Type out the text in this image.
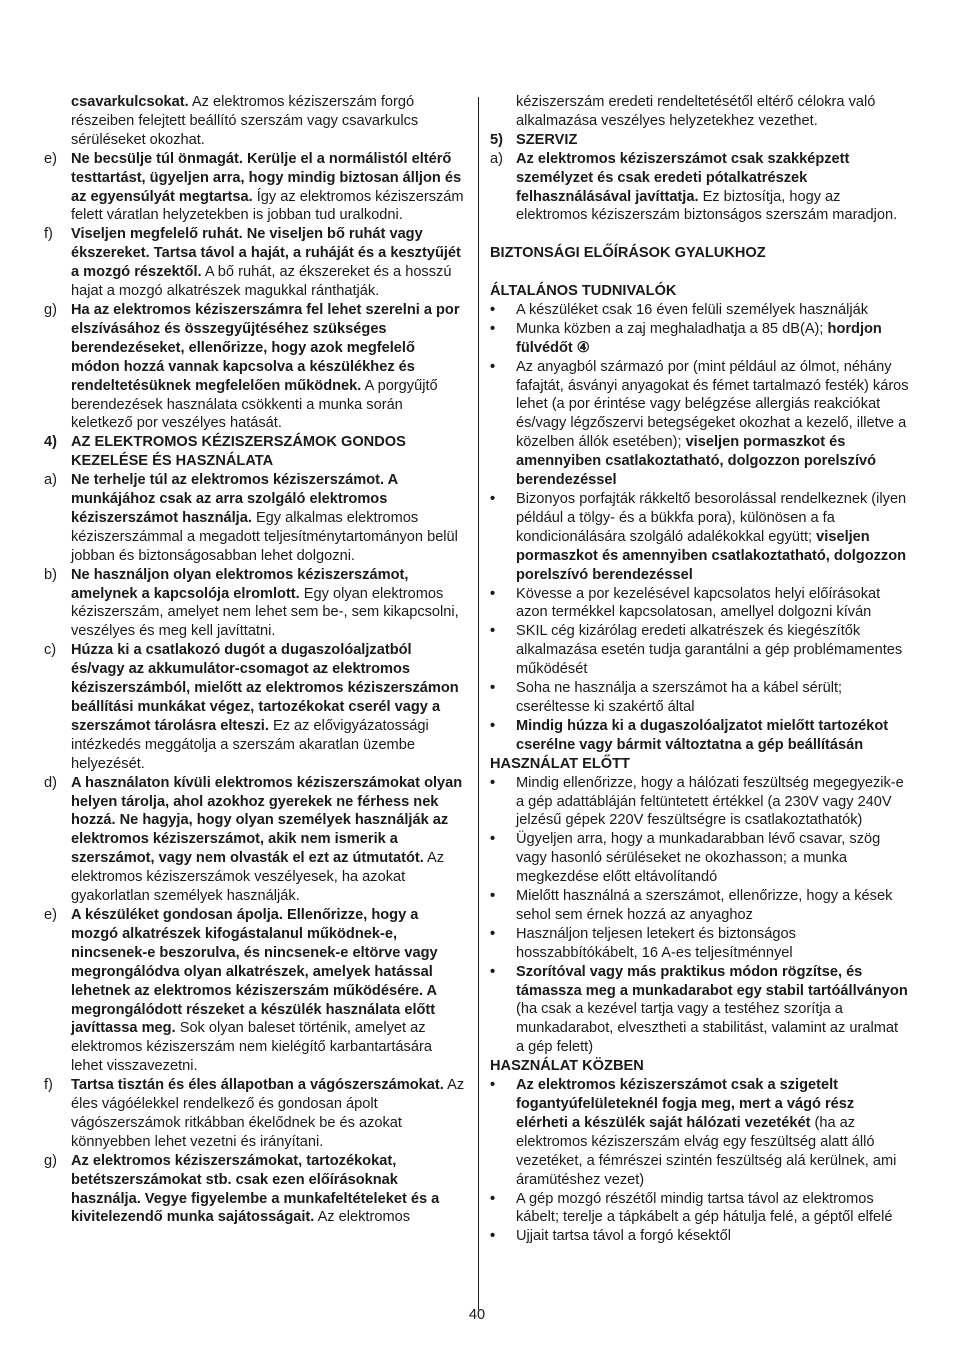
csavarkulcsokat. Az elektromos kéziszerszám forgó részeiben felejtett beállító szerszám vagy csavarkulcs sérüléseket okozhat.
e) Ne becsülje túl önmagát. Kerülje el a normálistól eltérő testtartást, ügyeljen arra, hogy mindig biztosan álljon és az egyensúlyát megtartsa. Így az elektromos kéziszerszám felett váratlan helyzetekben is jobban tud uralkodni.
f)	Viseljen megfelelő ruhát. Ne viseljen bő ruhát vagy ékszereket. Tartsa távol a haját, a ruháját és a kesztyűjét a mozgó részektől. A bő ruhát, az ékszereket és a hosszú hajat a mozgó alkatrészek magukkal ránthatják.
g) Ha az elektromos kéziszerszámra fel lehet szerelni a por elszívásához és összegyűjtéséhez szükséges berendezéseket, ellenőrizze, hogy azok megfelelő módon hozzá vannak kapcsolva a készülékhez és rendeltetésüknek megfelelően működnek. A porgyűjtő berendezések használata csökkenti a munka során keletkező por veszélyes hatását.
4) AZ ELEKTROMOS KÉZISZERSZÁMOK GONDOS KEZELÉSE ÉS HASZNÁLATA
a) Ne terhelje túl az elektromos kéziszerszámot. A munkájához csak az arra szolgáló elektromos kéziszerszámot használja. Egy alkalmas elektromos kéziszerszámmal a megadott teljesítménytartományon belül jobban és biztonságosabban lehet dolgozni.
b) Ne használjon olyan elektromos kéziszerszámot, amelynek a kapcsolója elromlott. Egy olyan elektromos kéziszerszám, amelyet nem lehet sem be-, sem kikapcsolni, veszélyes és meg kell javíttatni.
c)	Húzza ki a csatlakozó dugót a dugaszolóaljzatból és/vagy az akkumulátor-csomagot az elektromos kéziszerszámból, mielőtt az elektromos kéziszerszámon beállítási munkákat végez, tartozékokat cserél vagy a szerszámot tárolásra elteszi. Ez az elővigyázatossági intézkedés meggátolja a szerszám akaratlan üzembe helyezését.
d) A használaton kívüli elektromos kéziszerszámokat olyan helyen tárolja, ahol azokhoz gyerekek ne férhess nek hozzá. Ne hagyja, hogy olyan személyek használják az elektromos kéziszerszámot, akik nem ismerik a szerszámot, vagy nem olvasták el ezt az útmutatót. Az elektromos kéziszerszámok veszélyesek, ha azokat gyakorlatlan személyek használják.
e) A készüléket gondosan ápolja. Ellenőrizze, hogy a mozgó alkatrészek kifogástalanul működnek-e, nincsenek-e beszorulva, és nincsenek-e eltörve vagy megrongálódva olyan alkatrészek, amelyek hatással lehetnek az elektromos kéziszerszám működésére. A megrongálódott részeket a készülék használata előtt javíttassa meg. Sok olyan baleset történik, amelyet az elektromos kéziszerszám nem kielégítő karbantartására lehet visszavezetni.
f)	Tartsa tisztán és éles állapotban a vágószerszámokat. Az éles vágóélekkel rendelkező és gondosan ápolt vágószerszámok ritkábban ékelődnek be és azokat könnyebben lehet vezetni és irányítani.
g) Az elektromos kéziszerszámokat, tartozékokat, betétszerszámokat stb. csak ezen előírásoknak használja. Vegye figyelembe a munkafeltételeket és a kivitelezendő munka sajátosságait. Az elektromos
kéziszerszám eredeti rendeltetésétől eltérő célokra való alkalmazása veszélyes helyzetekhez vezethet.
5) SZERVIZ
a) Az elektromos kéziszerszámot csak szakképzett személyzet és csak eredeti pótalkatrészek felhasználásával javíttatja. Ez biztosítja, hogy az elektromos kéziszerszám biztonságos szerszám maradjon.
BIZTONSÁGI ELŐÍRÁSOK GYALUKHOZ
ÁLTALÁNOS TUDNIVALÓK
•	A készüléket csak 16 éven felüli személyek használják
•	Munka közben a zaj meghaladhatja a 85 dB(A); hordjon fülvédőt ④
•	Az anyagból származó por (mint például az ólmot, néhány fafajtát, ásványi anyagokat és fémet tartalmazó festék) káros lehet (a por érintése vagy belégzése allergiás reakciókat és/vagy légzőszervi betegségeket okozhat a kezelő, illetve a közelben állók esetében); viseljen pormaszkot és amennyiben csatlakoztatható, dolgozzon porelszívó berendezéssel
•	Bizonyos porfajták rákkeltő besorolással rendelkeznek (ilyen például a tölgy- és a bükkfa pora), különösen a fa kondicionálására szolgáló adalékokkal együtt; viseljen pormaszkot és amennyiben csatlakoztatható, dolgozzon porelszívó berendezéssel
•	Kövesse a por kezelésével kapcsolatos helyi előírásokat azon termékkel kapcsolatosan, amellyel dolgozni kíván
•	SKIL cég kizárólag eredeti alkatrészek és kiegészítők alkalmazása esetén tudja garantálni a gép problémamentes működését
•	Soha ne használja a szerszámot ha a kábel sérült; cseréltesse ki szakértő által
•	Mindig húzza ki a dugaszolóaljzatot mielőtt tartozékot cserélne vagy bármit változtatna a gép beállításán
HASZNÁLAT ELŐTT
•	Mindig ellenőrizze, hogy a hálózati feszültség megegyezik-e a gép adattábláján feltüntetett értékkel (a 230V vagy 240V jelzésű gépek 220V feszültségre is csatlakoztathatók)
•	Ügyeljen arra, hogy a munkadarabban lévő csavar, szög vagy hasonló sérüléseket ne okozhasson; a munka megkezdése előtt eltávolítandó
•	Mielőtt használná a szerszámot, ellenőrizze, hogy a kések sehol sem érnek hozzá az anyaghoz
•	Használjon teljesen letekert és biztonságos hosszabbítókábelt, 16 A-es teljesítménnyel
•	Szorítóval vagy más praktikus módon rögzítse, és támassza meg a munkadarabot egy stabil tartóállványon (ha csak a kezével tartja vagy a testéhez szorítja a munkadarabot, elvesztheti a stabilitást, valamint az uralmat a gép felett)
HASZNÁLAT KÖZBEN
•	Az elektromos kéziszerszámot csak a szigetelt fogantyúfelületeknél fogja meg, mert a vágó rész elérheti a készülék saját hálózati vezetékét (ha az elektromos kéziszerszám elvág egy feszültség alatt álló vezetéket, a fémrészei szintén feszültség alá kerülnek, ami áramütéshez vezet)
•	A gép mozgó részétől mindig tartsa távol az elektromos kábelt; terelje a tápkábelt a gép hátulja felé, a géptől elfelé
•	Ujjait tartsa távol a forgó késektől
40
